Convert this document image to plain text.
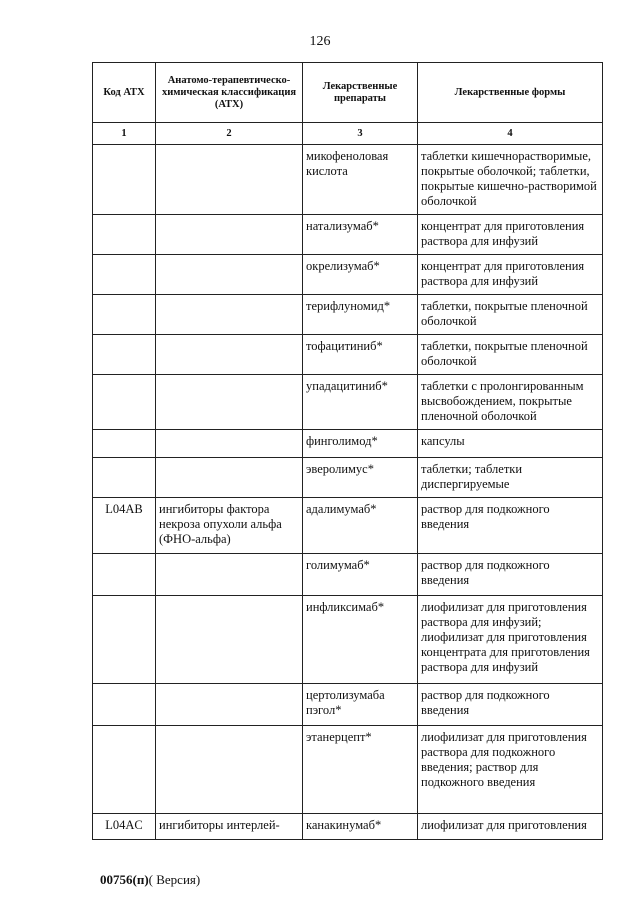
126
Код АТХ	Анатомо-терапевтическо-химическая классификация (АТХ)	Лекарственные препараты	Лекарственные формы
1	2	3	4
		микофеноловая кислота	таблетки кишечнорастворимые, покрытые оболочкой; таблетки, покрытые кишечно-растворимой оболочкой
		натализумаб*	концентрат для приготовления раствора для инфузий
		окрелизумаб*	концентрат для приготовления раствора для инфузий
		терифлуномид*	таблетки, покрытые пленочной оболочкой
		тофацитиниб*	таблетки, покрытые пленочной оболочкой
		упадацитиниб*	таблетки с пролонгированным высвобождением, покрытые пленочной оболочкой
		финголимод*	капсулы
		эверолимус*	таблетки; таблетки диспергируемые
L04AB	ингибиторы фактора некроза опухоли альфа (ФНО-альфа)	адалимумаб*	раствор для подкожного введения
		голимумаб*	раствор для подкожного введения
		инфликсимаб*	лиофилизат для приготовления раствора для инфузий; лиофилизат для приготовления концентрата для приготовления раствора для инфузий
		цертолизумаба пэгол*	раствор для подкожного введения
		этанерцепт*	лиофилизат для приготовления раствора для подкожного введения; раствор для подкожного введения
L04AC	ингибиторы интерлей-	канакинумаб*	лиофилизат для приготовления
00756(п)( Версия)
